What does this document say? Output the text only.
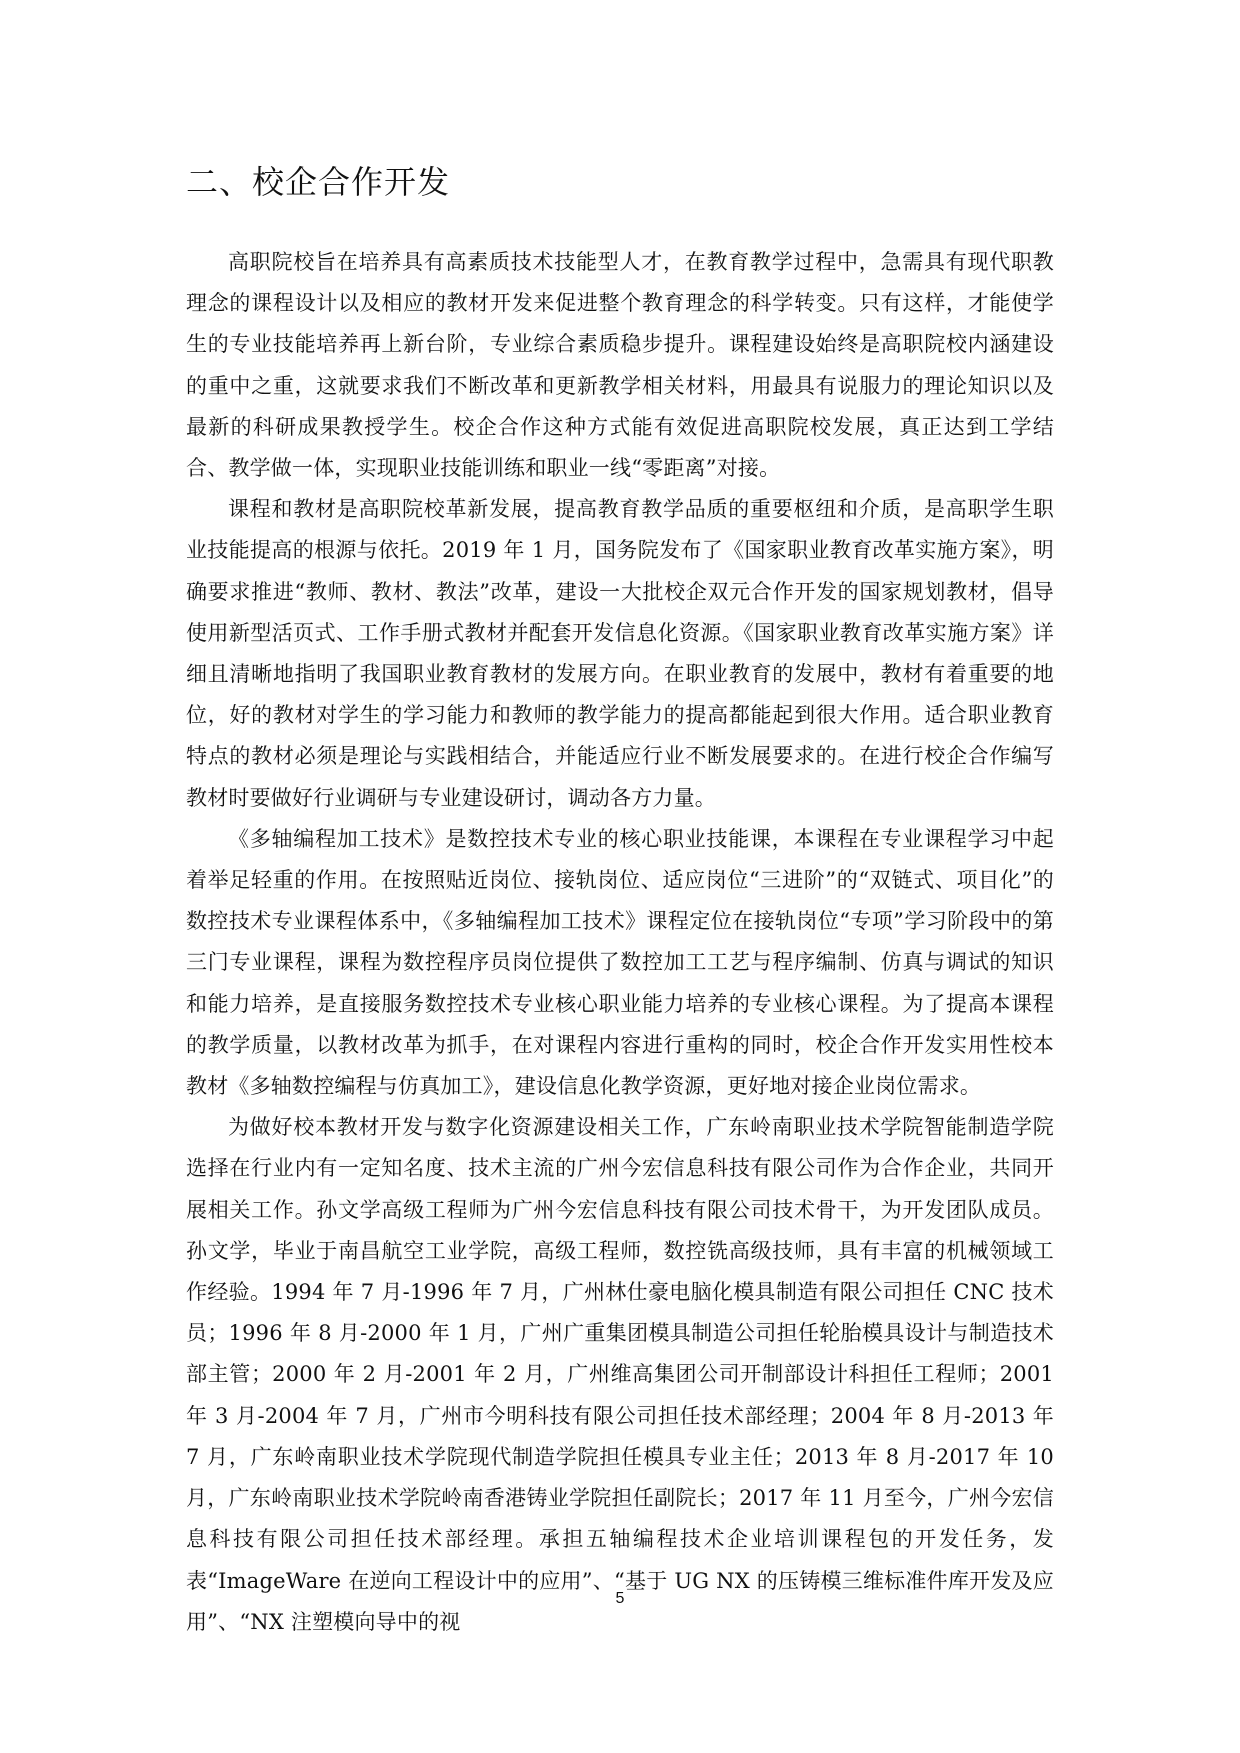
二、校企合作开发

高职院校旨在培养具有高素质技术技能型人才，在教育教学过程中，急需具有现代职教理念的课程设计以及相应的教材开发来促进整个教育理念的科学转变。只有这样，才能使学生的专业技能培养再上新台阶，专业综合素质稳步提升。课程建设始终是高职院校内涵建设的重中之重，这就要求我们不断改革和更新教学相关材料，用最具有说服力的理论知识以及最新的科研成果教授学生。校企合作这种方式能有效促进高职院校发展，真正达到工学结合、教学做一体，实现职业技能训练和职业一线“零距离”对接。

课程和教材是高职院校革新发展，提高教育教学品质的重要枢纽和介质，是高职学生职业技能提高的根源与依托。2019 年 1 月，国务院发布了《国家职业教育改革实施方案》，明确要求推进“教师、教材、教法”改革，建设一大批校企双元合作开发的国家规划教材，倡导使用新型活页式、工作手册式教材并配套开发信息化资源。《国家职业教育改革实施方案》详细且清晰地指明了我国职业教育教材的发展方向。在职业教育的发展中，教材有着重要的地位，好的教材对学生的学习能力和教师的教学能力的提高都能起到很大作用。适合职业教育特点的教材必须是理论与实践相结合，并能适应行业不断发展要求的。在进行校企合作编写教材时要做好行业调研与专业建设研讨，调动各方力量。

《多轴编程加工技术》是数控技术专业的核心职业技能课，本课程在专业课程学习中起着举足轻重的作用。在按照贴近岗位、接轨岗位、适应岗位“三进阶”的“双链式、项目化”的数控技术专业课程体系中，《多轴编程加工技术》课程定位在接轨岗位“专项”学习阶段中的第三门专业课程，课程为数控程序员岗位提供了数控加工工艺与程序编制、仿真与调试的知识和能力培养，是直接服务数控技术专业核心职业能力培养的专业核心课程。为了提高本课程的教学质量，以教材改革为抓手，在对课程内容进行重构的同时，校企合作开发实用性校本教材《多轴数控编程与仿真加工》，建设信息化教学资源，更好地对接企业岗位需求。

为做好校本教材开发与数字化资源建设相关工作，广东岭南职业技术学院智能制造学院选择在行业内有一定知名度、技术主流的广州今宏信息科技有限公司作为合作企业，共同开展相关工作。孙文学高级工程师为广州今宏信息科技有限公司技术骨干，为开发团队成员。孙文学，毕业于南昌航空工业学院，高级工程师，数控铣高级技师，具有丰富的机械领域工作经验。1994 年 7 月-1996 年 7 月，广州林仕豪电脑化模具制造有限公司担任 CNC 技术员；1996 年 8 月-2000 年 1 月，广州广重集团模具制造公司担任轮胎模具设计与制造技术部主管；2000 年 2 月-2001 年 2 月，广州维高集团公司开制部设计科担任工程师；2001 年 3 月-2004 年 7 月，广州市今明科技有限公司担任技术部经理；2004 年 8 月-2013 年 7 月，广东岭南职业技术学院现代制造学院担任模具专业主任；2013 年 8 月-2017 年 10 月，广东岭南职业技术学院岭南香港铸业学院担任副院长；2017 年 11 月至今，广州今宏信息科技有限公司担任技术部经理。承担五轴编程技术企业培训课程包的开发任务，发表“ImageWare 在逆向工程设计中的应用”、“基于 UG NX 的压铸模三维标准件库开发及应用”、“NX 注塑模向导中的视

5
